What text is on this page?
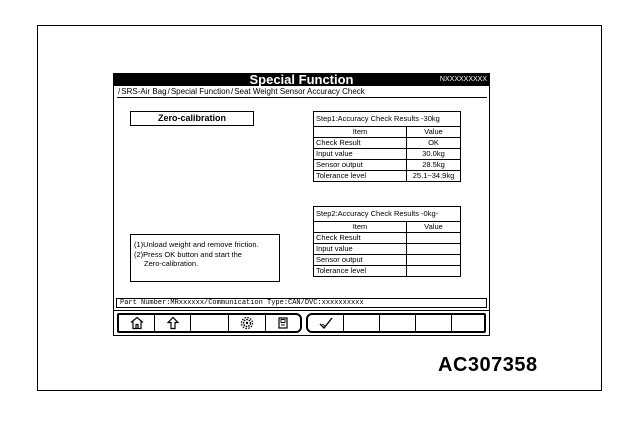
Special Function	NXXXXXXXXX
/SRS-Air Bag/Special Function/Seat Weight Sensor Accuracy Check
Zero-calibration	Step1:Accuracy Check Results -30kg
Item	Value
Check Result	OK
Input value	30.0kg
Sensor output	28.5kg
Tolerance level	25.1~34.9kg
Step2:Accuracy Check Results -0kg-
Item	Value
Check Result	
Input value	
Sensor output	
Tolerance level	
(1)Unload weight and remove friction.
(2)Press OK button and start the
Zero-calibration.
Part Number:MRxxxxxx/Communication Type:CAN/DVC:xxxxxxxxxx
AC307358
